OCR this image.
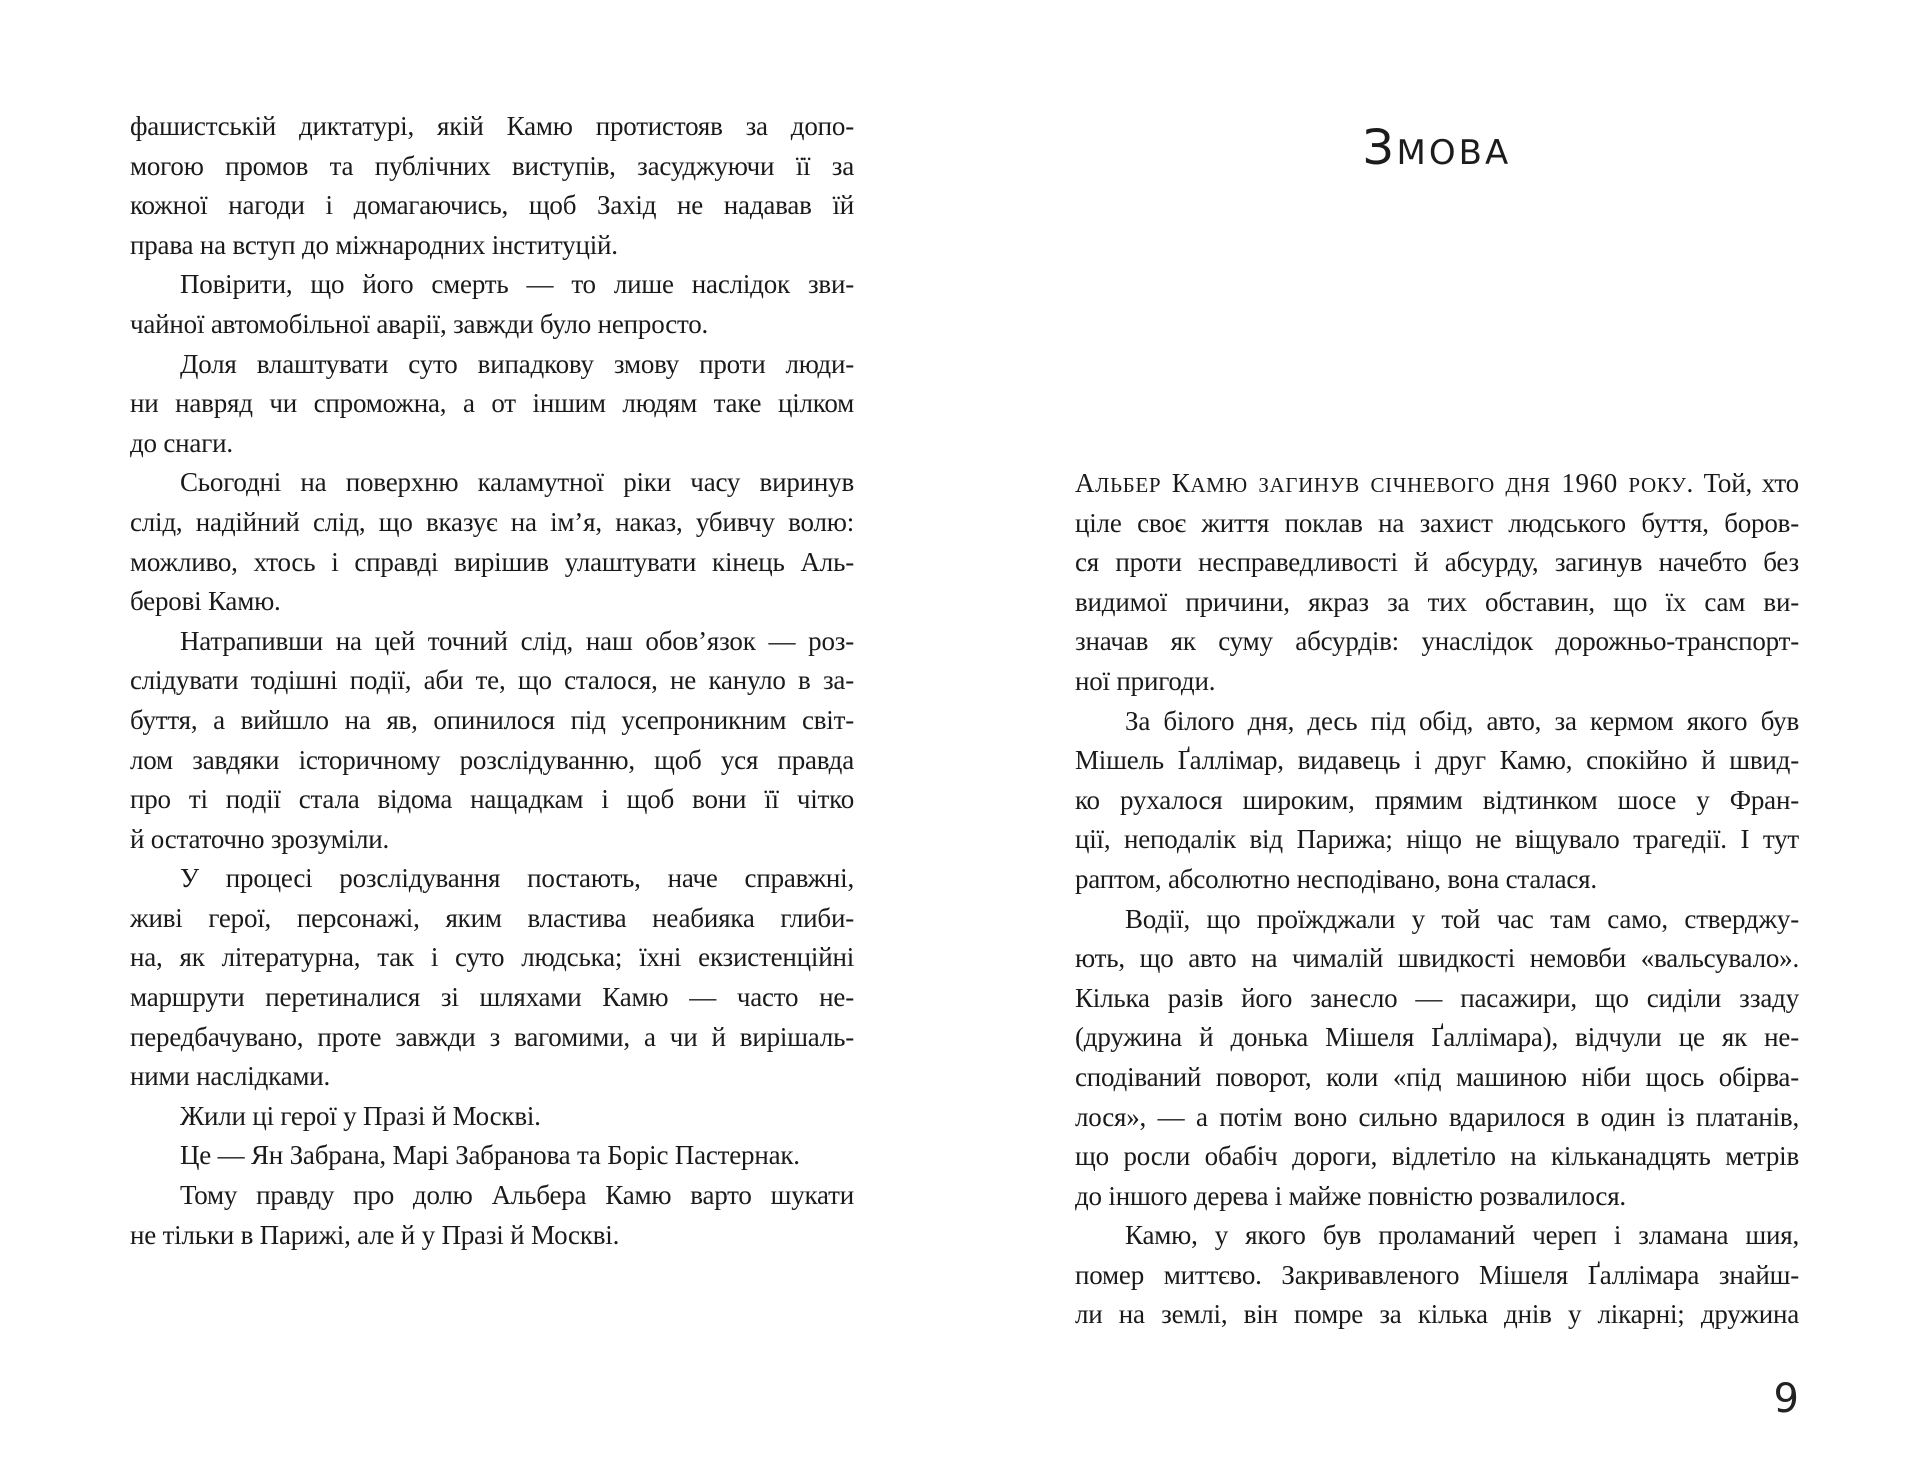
фашистській диктатурі, якій Камю протистояв за допо-
могою промов та публічних виступів, засуджуючи її за
кожної нагоди і домагаючись, щоб Захід не надавав їй
права на вступ до міжнародних інституцій.
Повірити, що його смерть — то лише наслідок зви-
чайної автомобільної аварії, завжди було непросто.
Доля влаштувати суто випадкову змову проти люди-
ни навряд чи спроможна, а от іншим людям таке цілком
до снаги.
Сьогодні на поверхню каламутної ріки часу виринув
слід, надійний слід, що вказує на ім’я, наказ, убивчу волю:
можливо, хтось і справді вирішив улаштувати кінець Аль-
берові Камю.
Натрапивши на цей точний слід, наш обов’язок — роз-
слідувати тодішні події, аби те, що сталося, не кануло в за-
буття, а вийшло на яв, опинилося під усепроникним світ-
лом завдяки історичному розслідуванню, щоб уся правда
про ті події стала відома нащадкам і щоб вони її чітко
й остаточно зрозуміли.
У процесі розслідування постають, наче справжні,
живі герої, персонажі, яким властива неабияка глиби-
на, як літературна, так і суто людська; їхні екзистенційні
маршрути перетиналися зі шляхами Камю — часто не-
передбачувано, проте завжди з вагомими, а чи й вирішаль-
ними наслідками.
Жили ці герої у Празі й Москві.
Це — Ян Забрана, Марі Забранова та Боріс Пастернак.
Тому правду про долю Альбера Камю варто шукати
не тільки в Парижі, але й у Празі й Москві.
ЗМОВА
АЛЬБЕР КАМЮ ЗАГИНУВ СІЧНЕВОГО ДНЯ 1960 РОКУ. Той, хто
ціле своє життя поклав на захист людського буття, боров-
ся проти несправедливості й абсурду, загинув начебто без
видимої причини, якраз за тих обставин, що їх сам ви-
значав як суму абсурдів: унаслідок дорожньо-транспорт-
ної пригоди.
За білого дня, десь під обід, авто, за кермом якого був
Мішель Ґаллімар, видавець і друг Камю, спокійно й швид-
ко рухалося широким, прямим відтинком шосе у Фран-
ції, неподалік від Парижа; ніщо не віщувало трагедії. І тут
раптом, абсолютно несподівано, вона сталася.
Водії, що проїжджали у той час там само, стверджу-
ють, що авто на чималій швидкості немовби «вальсувало».
Кілька разів його занесло — пасажири, що сиділи ззаду
(дружина й донька Мішеля Ґаллімара), відчули це як не-
сподіваний поворот, коли «під машиною ніби щось обірва-
лося», — а потім воно сильно вдарилося в один із платанів,
що росли обабіч дороги, відлетіло на кільканадцять метрів
до іншого дерева і майже повністю розвалилося.
Камю, у якого був проламаний череп і зламана шия,
помер миттєво. Закривавленого Мішеля Ґаллімара знайш-
ли на землі, він помре за кілька днів у лікарні; дружина
9
